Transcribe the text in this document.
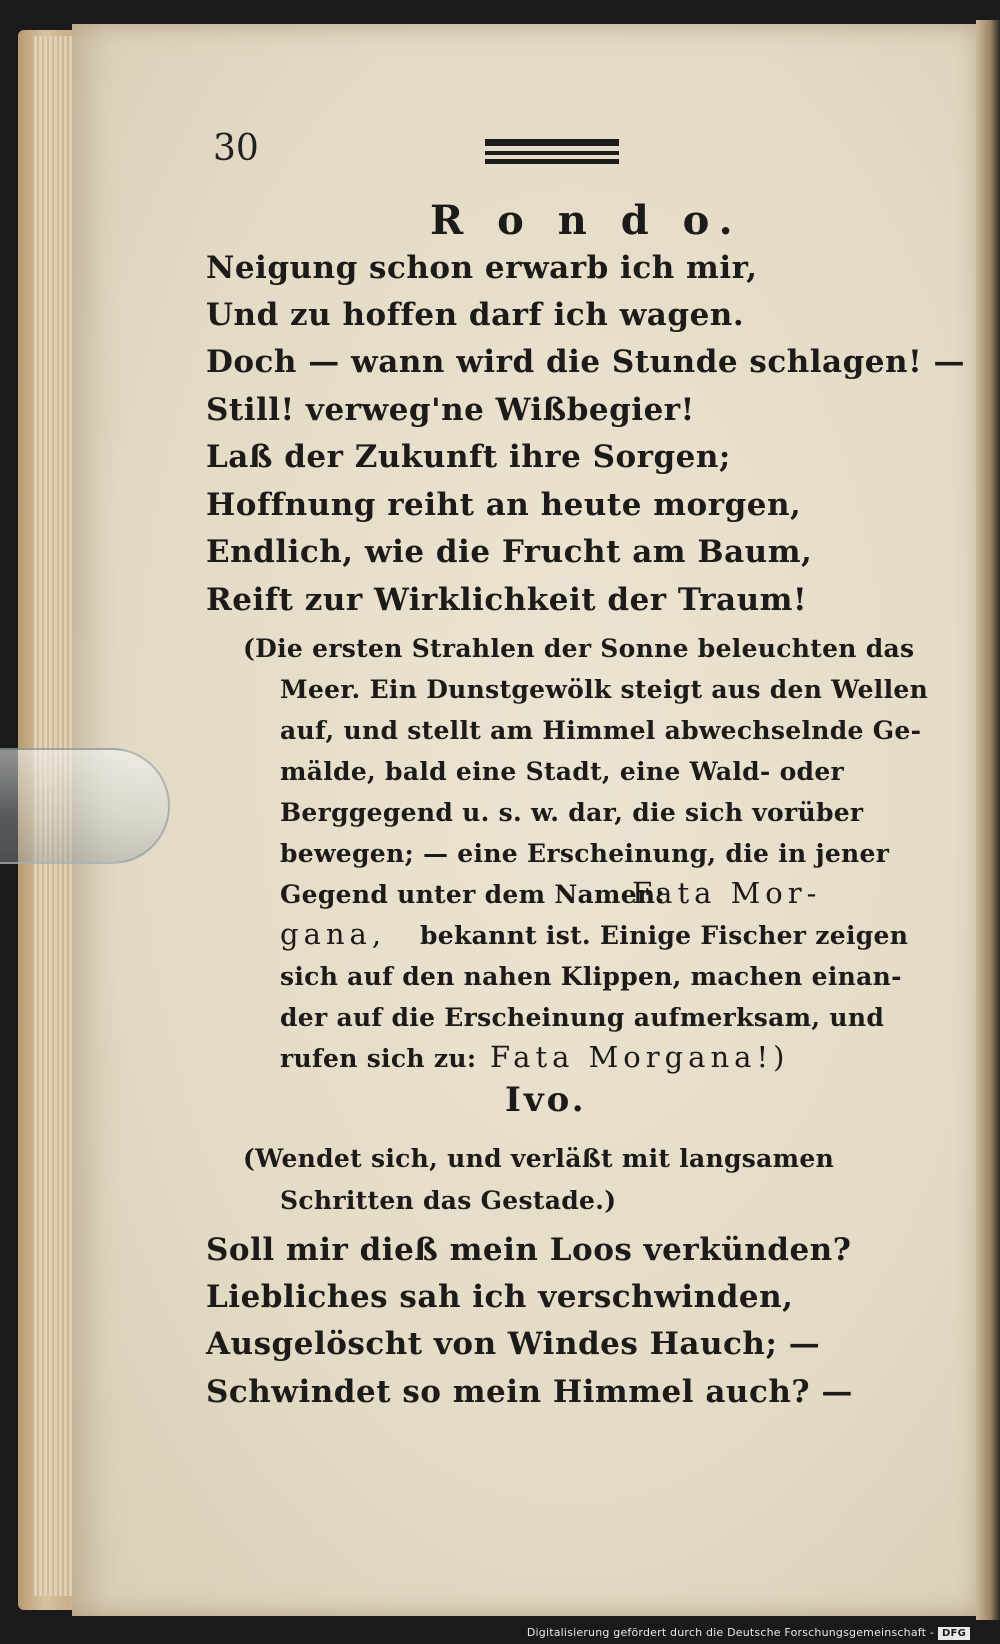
30
R o n d o.
Neigung schon erwarb ich mir,
Und zu hoffen darf ich wagen.
Doch — wann wird die Stunde schlagen! —
Still! verweg'ne Wißbegier!
Laß der Zukunft ihre Sorgen;
Hoffnung reiht an heute morgen,
Endlich, wie die Frucht am Baum,
Reift zur Wirklichkeit der Traum!
(Die ersten Strahlen der Sonne beleuchten das
Meer. Ein Dunstgewölk steigt aus den Wellen
auf, und stellt am Himmel abwechselnde Ge-
mälde, bald eine Stadt, eine Wald- oder
Berggegend u. s. w. dar, die sich vorüber
bewegen; — eine Erscheinung, die in jener
Gegend unter dem Namen:
Fata Mor-
gana, bekannt ist. Einige Fischer zeigen
sich auf den nahen Klippen, machen einan-
der auf die Erscheinung aufmerksam, und
rufen sich zu: Fata Morgana!)
Ivo.
(Wendet sich, und verläßt mit langsamen
Schritten das Gestade.)
Soll mir dieß mein Loos verkünden?
Liebliches sah ich verschwinden,
Ausgelöscht von Windes Hauch; —
Schwindet so mein Himmel auch? —
Digitalisierung gefördert durch die Deutsche Forschungsgemeinschaft - DFG
